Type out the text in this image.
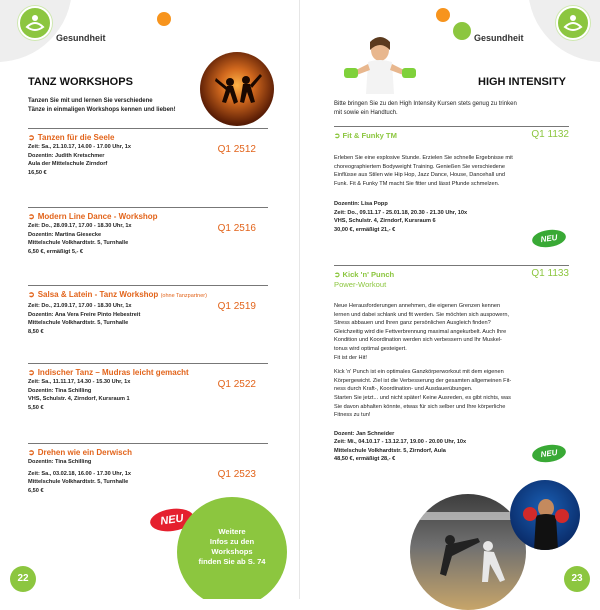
Gesundheit
TANZ WORKSHOPS
Tanzen Sie mit und lernen Sie verschiedene
Tänze in einmaligen Workshops kennen und lieben!
➲ Tanzen für die Seele
Q1 2512
Zeit: Sa., 21.10.17, 14.00 - 17.00 Uhr, 1x
Dozentin: Judith Kretschmer
Aula der Mittelschule Zirndorf
16,50 €
➲ Modern Line Dance - Workshop
Q1 2516
Zeit: Do., 28.09.17, 17.00 - 18.30 Uhr, 1x
Dozentin: Martina Giesecke
Mittelschule Volkhardtstr. 5, Turnhalle
6,50 €, ermäßigt 5,- €
➲ Salsa & Latein - Tanz Workshop (ohne Tanzpartner)
Q1 2519
Zeit: Do., 21.09.17, 17.00 - 18.30 Uhr, 1x
Dozentin: Ana Vera Freire Pinto Hebestreit
Mittelschule Volkhardtstr. 5, Turnhalle
8,50 €
➲ Indischer Tanz – Mudras leicht gemacht
Q1 2522
Zeit: Sa., 11.11.17, 14.30 - 15.30 Uhr, 1x
Dozentin: Tina Schilling
VHS, Schulstr. 4, Zirndorf, Kursraum 1
5,50 €
➲ Drehen wie ein Derwisch
Q1 2523
Dozentin: Tina Schilling
Zeit: Sa., 03.02.18, 16.00 - 17.30 Uhr, 1x
Mittelschule Volkhardtstr. 5, Turnhalle
6,50 €
NEU
Weitere
Infos zu den
Workshops
finden Sie ab S. 74
22
Gesundheit
HIGH INTENSITY
Bitte bringen Sie zu den High Intensity Kursen stets genug zu trinken
mit sowie ein Handtuch.
➲ Fit & Funky TM	Q1 1132
Erleben Sie eine explosive Stunde. Erzielen Sie schnelle Ergebnisse mit
choreographiertem Bodyweight Training. Genießen Sie verschiedene
Einflüsse aus Stilen wie Hip Hop, Jazz Dance, House, Dancehall und
Funk. Fit & Funky TM macht Sie fitter und lässt Pfunde schmelzen.
Dozentin: Lisa Popp
Zeit: Do., 09.11.17 - 25.01.18, 20.30 - 21.30 Uhr, 10x
VHS, Schulstr. 4, Zirndorf, Kursraum 6
30,00 €, ermäßigt 21,- €
NEU
➲ Kick 'n' Punch
Power-Workout
Q1 1133
Neue Herausforderungen annehmen, die eigenen Grenzen kennen
lernen und dabei schlank und fit werden. Sie möchten sich auspowern,
Stress abbauen und Ihren ganz persönlichen Ausgleich finden?
Gleichzeitig wird die Fettverbrennung maximal angekurbelt. Auch Ihre
Kondition und Koordination werden sich verbessern und Ihr Muskel-
tonus wird optimal gesteigert.
Fit ist der Hit!
Kick 'n' Punch ist ein optimales Ganzkörperworkout mit dem eigenen
Körpergewicht. Ziel ist die Verbesserung der gesamten allgemeinen Fit-
ness durch Kraft-, Koordination- und Ausdauerübungen.
Starten Sie jetzt... und nicht später! Keine Ausreden, es gibt nichts, was
Sie davon abhalten könnte, etwas für sich selber und Ihre körperliche
Fitness zu tun!
Dozent: Jan Schneider
Zeit: Mi., 04.10.17 - 13.12.17, 19.00 - 20.00 Uhr, 10x
Mittelschule Volkhardtstr. 5, Zirndorf, Aula
48,50 €, ermäßigt 28,- €
NEU
23
